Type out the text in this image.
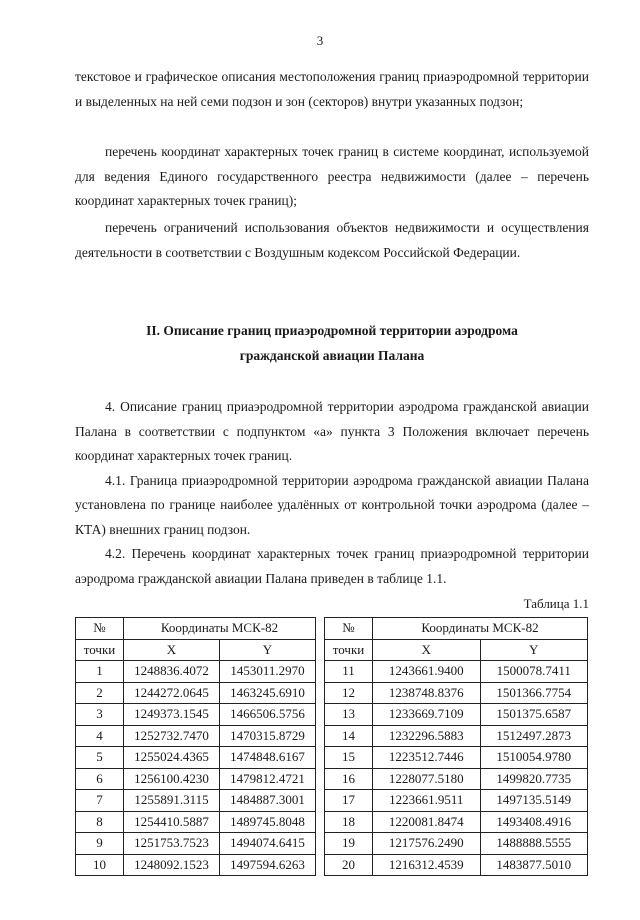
3

текстовое и графическое описания местоположения границ приаэродромной территории и выделенных на ней семи подзон и зон (секторов) внутри указанных подзон;

перечень координат характерных точек границ в системе координат, используемой для ведения Единого государственного реестра недвижимости (далее – перечень координат характерных точек границ);

перечень ограничений использования объектов недвижимости и осуществления деятельности в соответствии с Воздушным кодексом Российской Федерации.

II. Описание границ приаэродромной территории аэродрома
гражданской авиации Палана

4. Описание границ приаэродромной территории аэродрома гражданской авиации Палана в соответствии с подпунктом «а» пункта 3 Положения включает перечень координат характерных точек границ.

4.1. Граница приаэродромной территории аэродрома гражданской авиации Палана установлена по границе наиболее удалённых от контрольной точки аэродрома (далее – КТА) внешних границ подзон.

4.2. Перечень координат характерных точек границ приаэродромной территории аэродрома гражданской авиации Палана приведен в таблице 1.1.

Таблица 1.1
№	Координаты МСК-82	
точки	X	Y
1	1248836.4072	1453011.2970
2	1244272.0645	1463245.6910
3	1249373.1545	1466506.5756
4	1252732.7470	1470315.8729
5	1255024.4365	1474848.6167
6	1256100.4230	1479812.4721
7	1255891.3115	1484887.3001
8	1254410.5887	1489745.8048
9	1251753.7523	1494074.6415
10	1248092.1523	1497594.6263
№	Координаты МСК-82	
точки	X	Y
11	1243661.9400	1500078.7411
12	1238748.8376	1501366.7754
13	1233669.7109	1501375.6587
14	1232296.5883	1512497.2873
15	1223512.7446	1510054.9780
16	1228077.5180	1499820.7735
17	1223661.9511	1497135.5149
18	1220081.8474	1493408.4916
19	1217576.2490	1488888.5555
20	1216312.4539	1483877.5010
